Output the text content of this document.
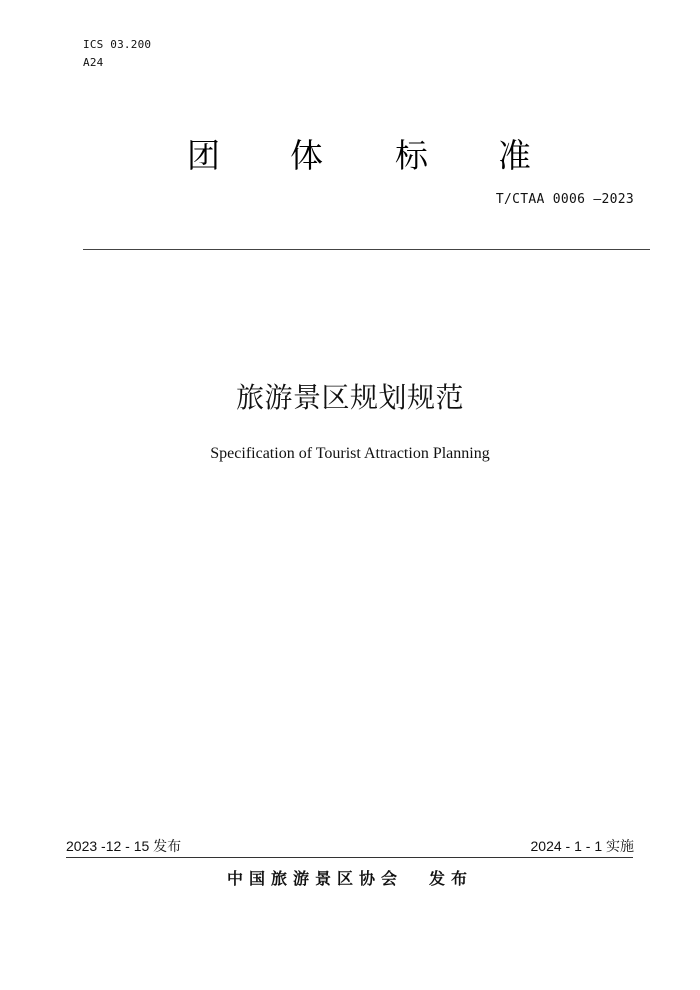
ICS 03.200
A24
团 体 标 准
T/CTAA 0006 —2023
旅游景区规划规范
Specification of Tourist Attraction Planning
2023 -12 - 15 发布	2024 - 1 - 1 实施
中国旅游景区协会 发布
